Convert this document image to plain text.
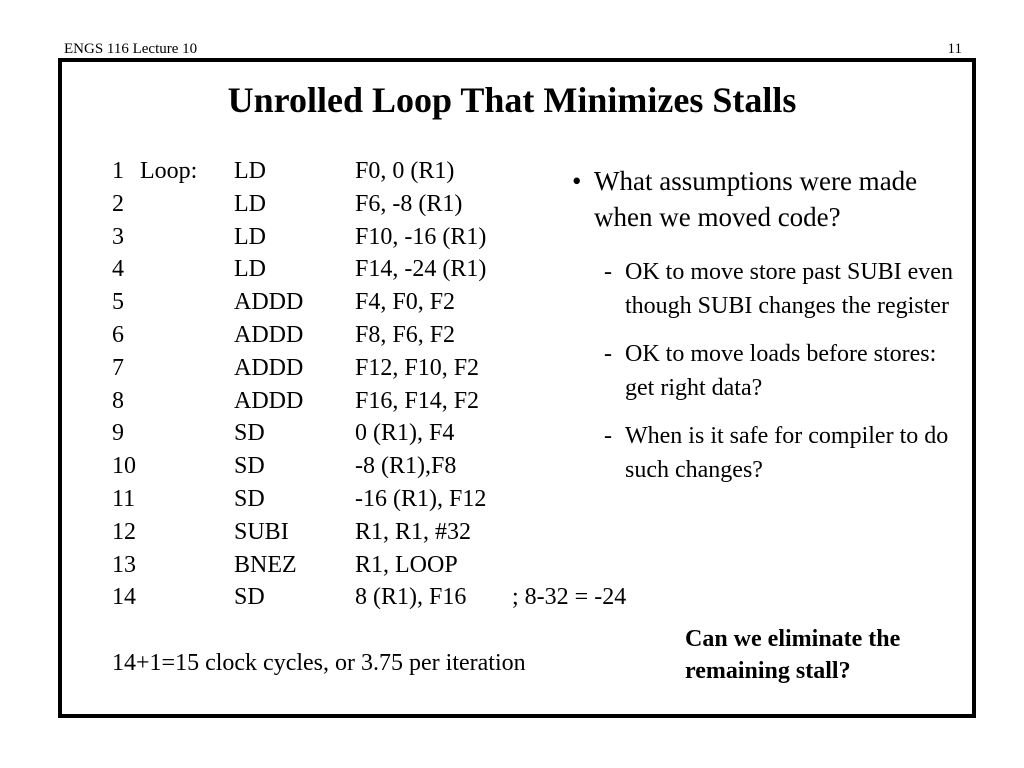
ENGS 116 Lecture 10	11
Unrolled Loop That Minimizes Stalls
1 Loop: LD	F0, 0 (R1)
2	LD	F6, -8 (R1)
3	LD	F10, -16 (R1)
4	LD	F14, -24 (R1)
5	ADDD F4, F0, F2
6	ADDD F8, F6, F2
7	ADDD F12, F10, F2
8	ADDD F16, F14, F2
9	SD	0 (R1), F4
10	SD	-8 (R1),F8
11	SD	-16 (R1), F12
12	SUBI	R1, R1, #32
13	BNEZ R1, LOOP
14	SD	8 (R1), F16 ; 8-32 = -24
14+1=15 clock cycles, or 3.75 per iteration
• What assumptions were made when we moved code?
- OK to move store past SUBI even though SUBI changes the register
- OK to move loads before stores: get right data?
- When is it safe for compiler to do such changes?
Can we eliminate the remaining stall?
